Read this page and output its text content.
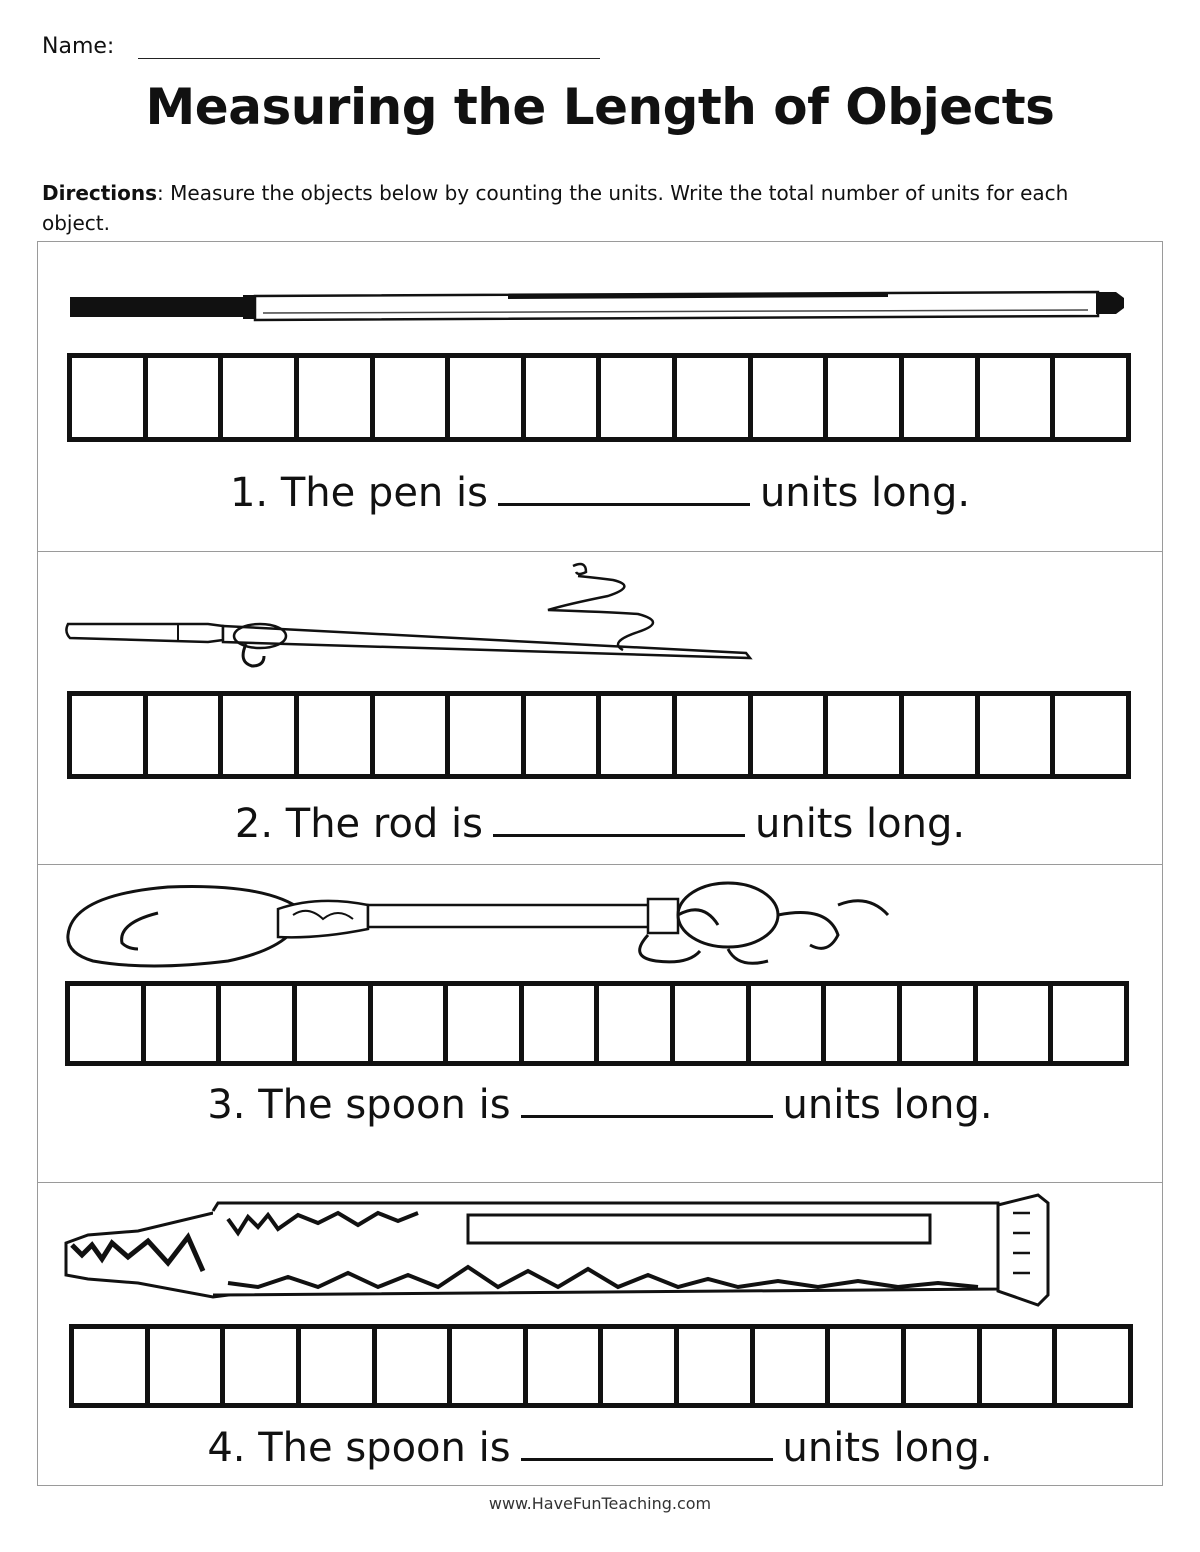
Name:
Measuring the Length of Objects
Directions: Measure the objects below by counting the units. Write the total number of units for each object.
1. The pen is	units long.
2. The rod is	units long.
3. The spoon is	units long.
4. The spoon is	units long.
www.HaveFunTeaching.com
